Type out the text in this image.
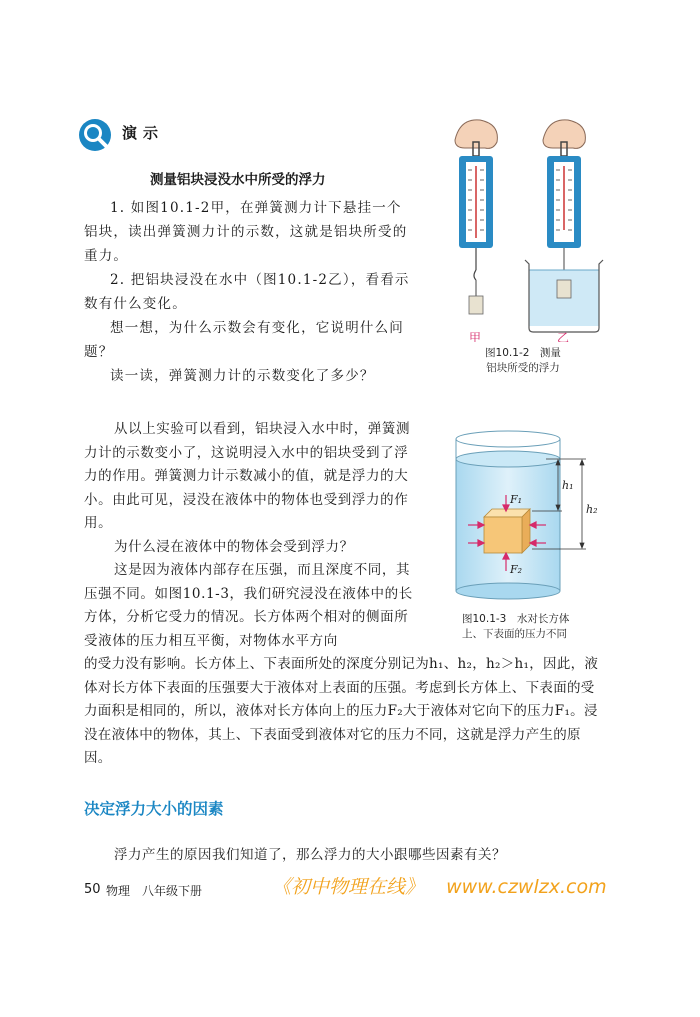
演示
测量铝块浸没水中所受的浮力

1. 如图10.1-2甲，在弹簧测力计下悬挂一个铝块，读出弹簧测力计的示数，这就是铝块所受的重力。

2. 把铝块浸没在水中（图10.1-2乙），看看示数有什么变化。

想一想，为什么示数会有变化，它说明什么问题？

读一读，弹簧测力计的示数变化了多少？

甲	乙
图10.1-2　测量
铝块所受的浮力

从以上实验可以看到，铝块浸入水中时，弹簧测力计的示数变小了，这说明浸入水中的铝块受到了浮力的作用。弹簧测力计示数减小的值，就是浮力的大小。由此可见，浸没在液体中的物体也受到浮力的作用。

为什么浸在液体中的物体会受到浮力？

这是因为液体内部存在压强，而且深度不同，其压强不同。如图10.1-3，我们研究浸没在液体中的长方体，分析它受力的情况。长方体两个相对的侧面所受液体的压力相互平衡，对物体水平方向

的受力没有影响。长方体上、下表面所处的深度分别记为h₁、h₂，h₂＞h₁，因此，液体对长方体下表面的压强要大于液体对上表面的压强。考虑到长方体上、下表面的受力面积是相同的，所以，液体对长方体向上的压力F₂大于液体对它向下的压力F₁。浸没在液体中的物体，其上、下表面受到液体对它的压力不同，这就是浮力产生的原因。

F₁
F₂
h₁
h₂
图10.1-3　水对长方体
上、下表面的压力不同
决定浮力大小的因素
浮力产生的原因我们知道了，那么浮力的大小跟哪些因素有关？
50 物理　八年级下册	《初中物理在线》 www.czwlzx.com
